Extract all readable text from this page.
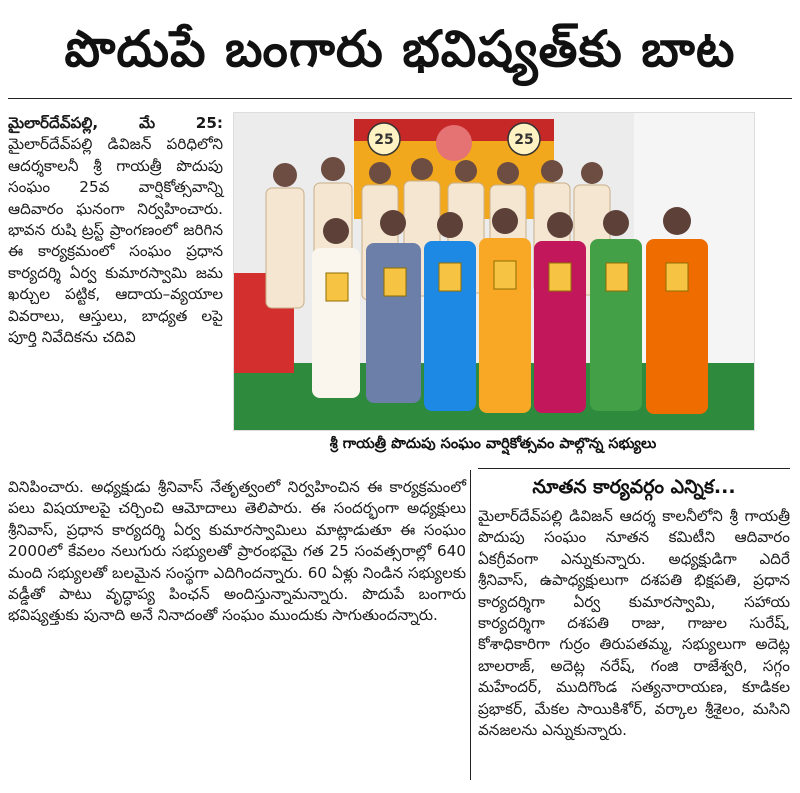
పొదుపే బంగారు భవిష్యత్‌కు బాట

మైలార్‌దేవ్‌పల్లి, మే 25: మైలార్‌దేవ్‌పల్లి డివిజన్ పరిధిలోని ఆదర్శకాలనీ శ్రీ గాయత్రీ పొదుపు సంఘం 25వ వార్షికోత్సవాన్ని ఆదివారం ఘనంగా నిర్వహించారు. భావన రుషి ట్రస్ట్ ప్రాంగణంలో జరిగిన ఈ కార్యక్రమంలో సంఘం ప్రధాన కార్యదర్శి ఏర్వ కుమారస్వామి జమ ఖర్చుల పట్టిక, ఆదాయ–వ్యయాల వివరాలు, ఆస్తులు, బాధ్యత లపై పూర్తి నివేదికను చదివి

25	25
శ్రీ గాయత్రీ పొదుపు సంఘం వార్షికోత్సవం పాల్గొన్న సభ్యులు

వినిపించారు. అధ్యక్షుడు శ్రీనివాస్ నేతృత్వంలో నిర్వహించిన ఈ కార్యక్రమంలో పలు విషయాలపై చర్చించి ఆమోదాలు తెలిపారు. ఈ సందర్భంగా అధ్యక్షులు శ్రీనివాస్, ప్రధాన కార్యదర్శి ఏర్వ కుమారస్వామిలు మాట్లాడుతూ ఈ సంఘం 2000లో కేవలం నలుగురు సభ్యులతో ప్రారంభమై గత 25 సంవత్సరాల్లో 640 మంది సభ్యులతో బలమైన సంస్థగా ఎదిగిందన్నారు. 60 ఏళ్లు నిండిన సభ్యులకు వడ్డీతో పాటు వృద్ధాప్య పింఛన్ అందిస్తున్నామన్నారు. పొదుపే బంగారు భవిష్యత్తుకు పునాది అనే నినాదంతో సంఘం ముందుకు సాగుతుందన్నారు.

నూతన కార్యవర్గం ఎన్నిక...

మైలార్‌దేవ్‌పల్లి డివిజన్ ఆదర్శ కాలనీలోని శ్రీ గాయత్రీ పొదుపు సంఘం నూతన కమిటీని ఆదివారం ఏకగ్రీవంగా ఎన్నుకున్నారు. అధ్యక్షుడిగా ఎదిరే శ్రీనివాస్, ఉపాధ్యక్షులుగా దశపతి భిక్షపతి, ప్రధాన కార్యదర్శిగా ఏర్వ కుమారస్వామి, సహాయ కార్యదర్శిగా దశపతి రాజు, గాజుల సురేష్, కోశాధికారిగా గుర్రం తిరుపతమ్మ, సభ్యులుగా అదెట్ల బాలరాజ్, అదెట్ల నరేష్, గంజి రాజేశ్వరి, సగ్గం మహేందర్, ముదిగొండ సత్యనారాయణ, కూడికల ప్రభాకర్, మేకల సాయికిశోర్, వర్కాల శ్రీశైలం, మసిని వనజలను ఎన్నుకున్నారు.
